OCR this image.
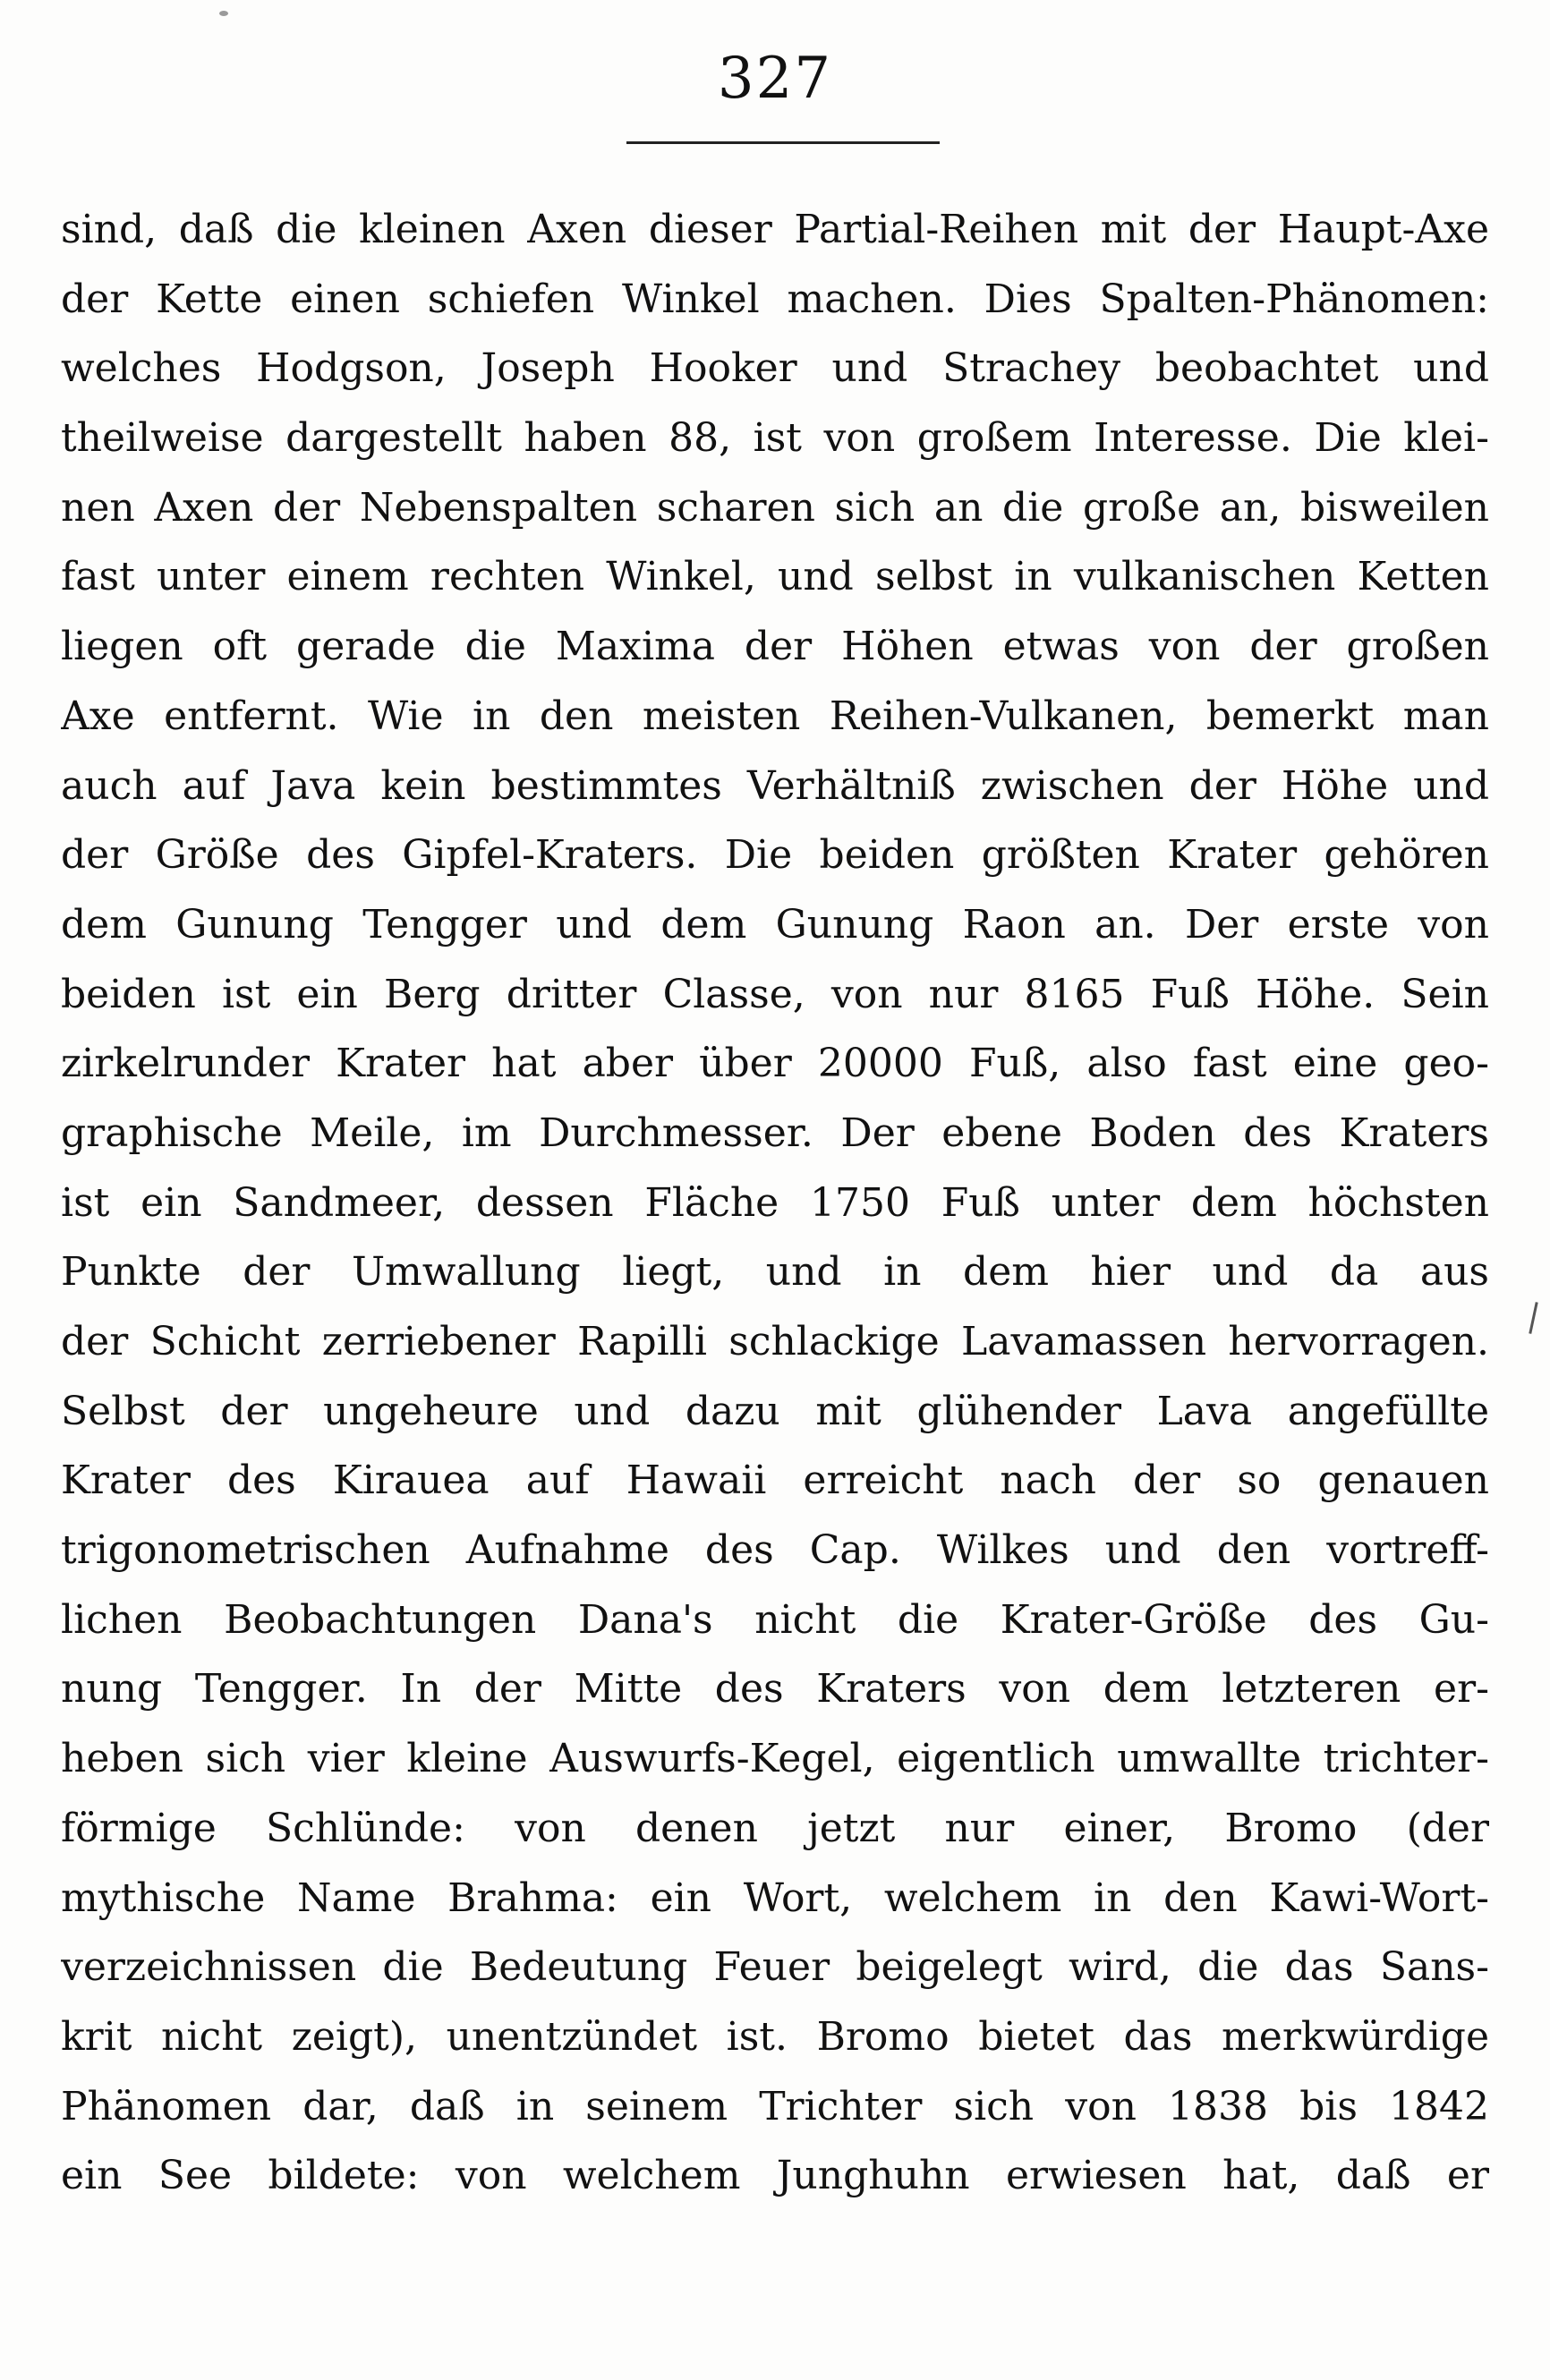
327
sind, daß die kleinen Axen dieser Partial-Reihen mit der Haupt-Axe
der Kette einen schiefen Winkel machen. Dies Spalten-Phänomen:
welches Hodgson, Joseph Hooker und Strachey beobachtet und
theilweise dargestellt haben 88, ist von großem Interesse. Die klei-
nen Axen der Nebenspalten scharen sich an die große an, bisweilen
fast unter einem rechten Winkel, und selbst in vulkanischen Ketten
liegen oft gerade die Maxima der Höhen etwas von der großen
Axe entfernt. Wie in den meisten Reihen-Vulkanen, bemerkt man
auch auf Java kein bestimmtes Verhältniß zwischen der Höhe und
der Größe des Gipfel-Kraters. Die beiden größten Krater gehören
dem Gunung Tengger und dem Gunung Raon an. Der erste von
beiden ist ein Berg dritter Classe, von nur 8165 Fuß Höhe. Sein
zirkelrunder Krater hat aber über 20000 Fuß, also fast eine geo-
graphische Meile, im Durchmesser. Der ebene Boden des Kraters
ist ein Sandmeer, dessen Fläche 1750 Fuß unter dem höchsten
Punkte der Umwallung liegt, und in dem hier und da aus
der Schicht zerriebener Rapilli schlackige Lavamassen hervorragen.
Selbst der ungeheure und dazu mit glühender Lava angefüllte
Krater des Kirauea auf Hawaii erreicht nach der so genauen
trigonometrischen Aufnahme des Cap. Wilkes und den vortreff-
lichen Beobachtungen Dana's nicht die Krater-Größe des Gu-
nung Tengger. In der Mitte des Kraters von dem letzteren er-
heben sich vier kleine Auswurfs-Kegel, eigentlich umwallte trichter-
förmige Schlünde: von denen jetzt nur einer, Bromo (der
mythische Name Brahma: ein Wort, welchem in den Kawi-Wort-
verzeichnissen die Bedeutung Feuer beigelegt wird, die das Sans-
krit nicht zeigt), unentzündet ist. Bromo bietet das merkwürdige
Phänomen dar, daß in seinem Trichter sich von 1838 bis 1842
ein See bildete: von welchem Junghuhn erwiesen hat, daß er
